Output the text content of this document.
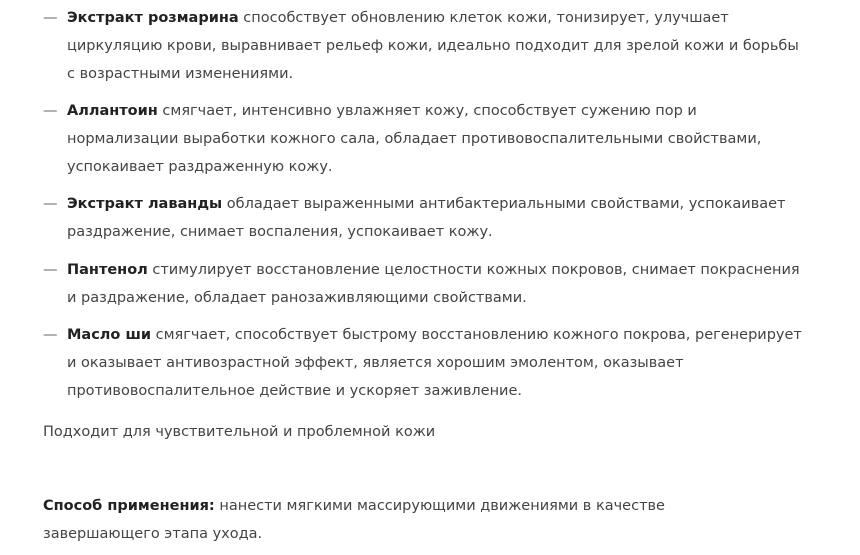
— Экстракт розмарина способствует обновлению клеток кожи, тонизирует, улучшает циркуляцию крови, выравнивает рельеф кожи, идеально подходит для зрелой кожи и борьбы с возрастными изменениями.
— Аллантоин смягчает, интенсивно увлажняет кожу, способствует сужению пор и нормализации выработки кожного сала, обладает противовоспалительными свойствами, успокаивает раздраженную кожу.
— Экстракт лаванды обладает выраженными антибактериальными свойствами, успокаивает раздражение, снимает воспаления, успокаивает кожу.
— Пантенол стимулирует восстановление целостности кожных покровов, снимает покраснения и раздражение, обладает ранозаживляющими свойствами.
— Масло ши смягчает, способствует быстрому восстановлению кожного покрова, регенерирует и оказывает антивозрастной эффект, является хорошим эмолентом, оказывает противовоспалительное действие и ускоряет заживление.

Подходит для чувствительной и проблемной кожи

Способ применения: нанести мягкими массирующими движениями в качестве завершающего этапа ухода.
